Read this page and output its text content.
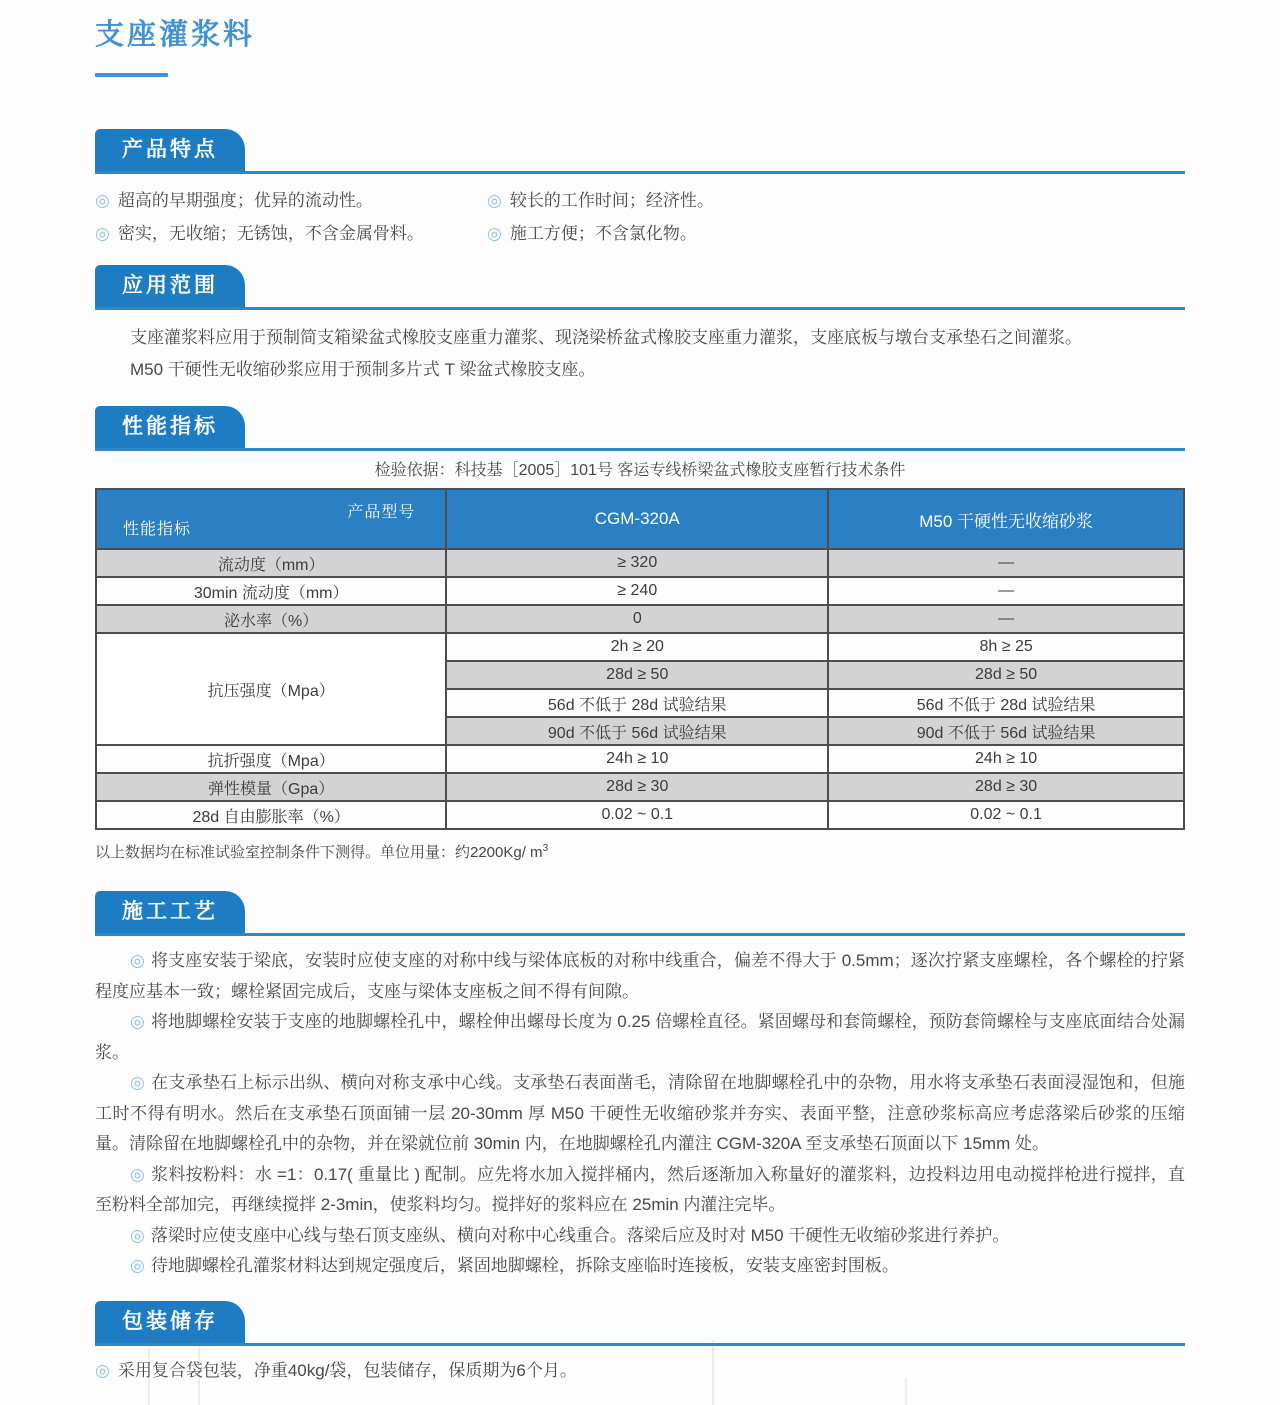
支座灌浆料
产品特点
◎ 超高的早期强度；优异的流动性。	◎ 较长的工作时间；经济性。
◎ 密实，无收缩；无锈蚀，不含金属骨料。	◎ 施工方便；不含氯化物。
应用范围

支座灌浆料应用于预制简支箱梁盆式橡胶支座重力灌浆、现浇梁桥盆式橡胶支座重力灌浆，支座底板与墩台支承垫石之间灌浆。

M50 干硬性无收缩砂浆应用于预制多片式 T 梁盆式橡胶支座。

性能指标
检验依据：科技基［2005］101号 客运专线桥梁盆式橡胶支座暂行技术条件
产品型号
性能指标	CGM-320A	M50 干硬性无收缩砂浆
流动度（mm）	≥ 320	—
30min 流动度（mm）	≥ 240	—
泌水率（%）	0	—
抗压强度（Mpa）	2h ≥ 20	8h ≥ 25
	28d ≥ 50	28d ≥ 50
	56d 不低于 28d 试验结果	56d 不低于 28d 试验结果
	90d 不低于 56d 试验结果	90d 不低于 56d 试验结果
抗折强度（Mpa）	24h ≥ 10	24h ≥ 10
弹性模量（Gpa）	28d ≥ 30	28d ≥ 30
28d 自由膨胀率（%）	0.02 ~ 0.1	0.02 ~ 0.1
以上数据均在标准试验室控制条件下测得。单位用量：约2200Kg/ $m^3$
施工工艺

◎ 将支座安装于梁底，安装时应使支座的对称中线与梁体底板的对称中线重合，偏差不得大于 0.5mm；逐次拧紧支座螺栓，各个螺栓的拧紧程度应基本一致；螺栓紧固完成后，支座与梁体支座板之间不得有间隙。

◎ 将地脚螺栓安装于支座的地脚螺栓孔中，螺栓伸出螺母长度为 0.25 倍螺栓直径。紧固螺母和套筒螺栓，预防套筒螺栓与支座底面结合处漏浆。

◎ 在支承垫石上标示出纵、横向对称支承中心线。支承垫石表面凿毛，清除留在地脚螺栓孔中的杂物，用水将支承垫石表面浸湿饱和，但施工时不得有明水。然后在支承垫石顶面铺一层 20-30mm 厚 M50 干硬性无收缩砂浆并夯实、表面平整，注意砂浆标高应考虑落梁后砂浆的压缩量。清除留在地脚螺栓孔中的杂物，并在梁就位前 30min 内，在地脚螺栓孔内灌注 CGM-320A 至支承垫石顶面以下 15mm 处。

◎ 浆料按粉料：水 =1：0.17( 重量比 ) 配制。应先将水加入搅拌桶内，然后逐渐加入称量好的灌浆料，边投料边用电动搅拌枪进行搅拌，直至粉料全部加完，再继续搅拌 2-3min，使浆料均匀。搅拌好的浆料应在 25min 内灌注完毕。

◎ 落梁时应使支座中心线与垫石顶支座纵、横向对称中心线重合。落梁后应及时对 M50 干硬性无收缩砂浆进行养护。

◎ 待地脚螺栓孔灌浆材料达到规定强度后，紧固地脚螺栓，拆除支座临时连接板，安装支座密封围板。

包装储存
◎ 采用复合袋包装，净重40kg/袋，包装储存，保质期为6个月。
